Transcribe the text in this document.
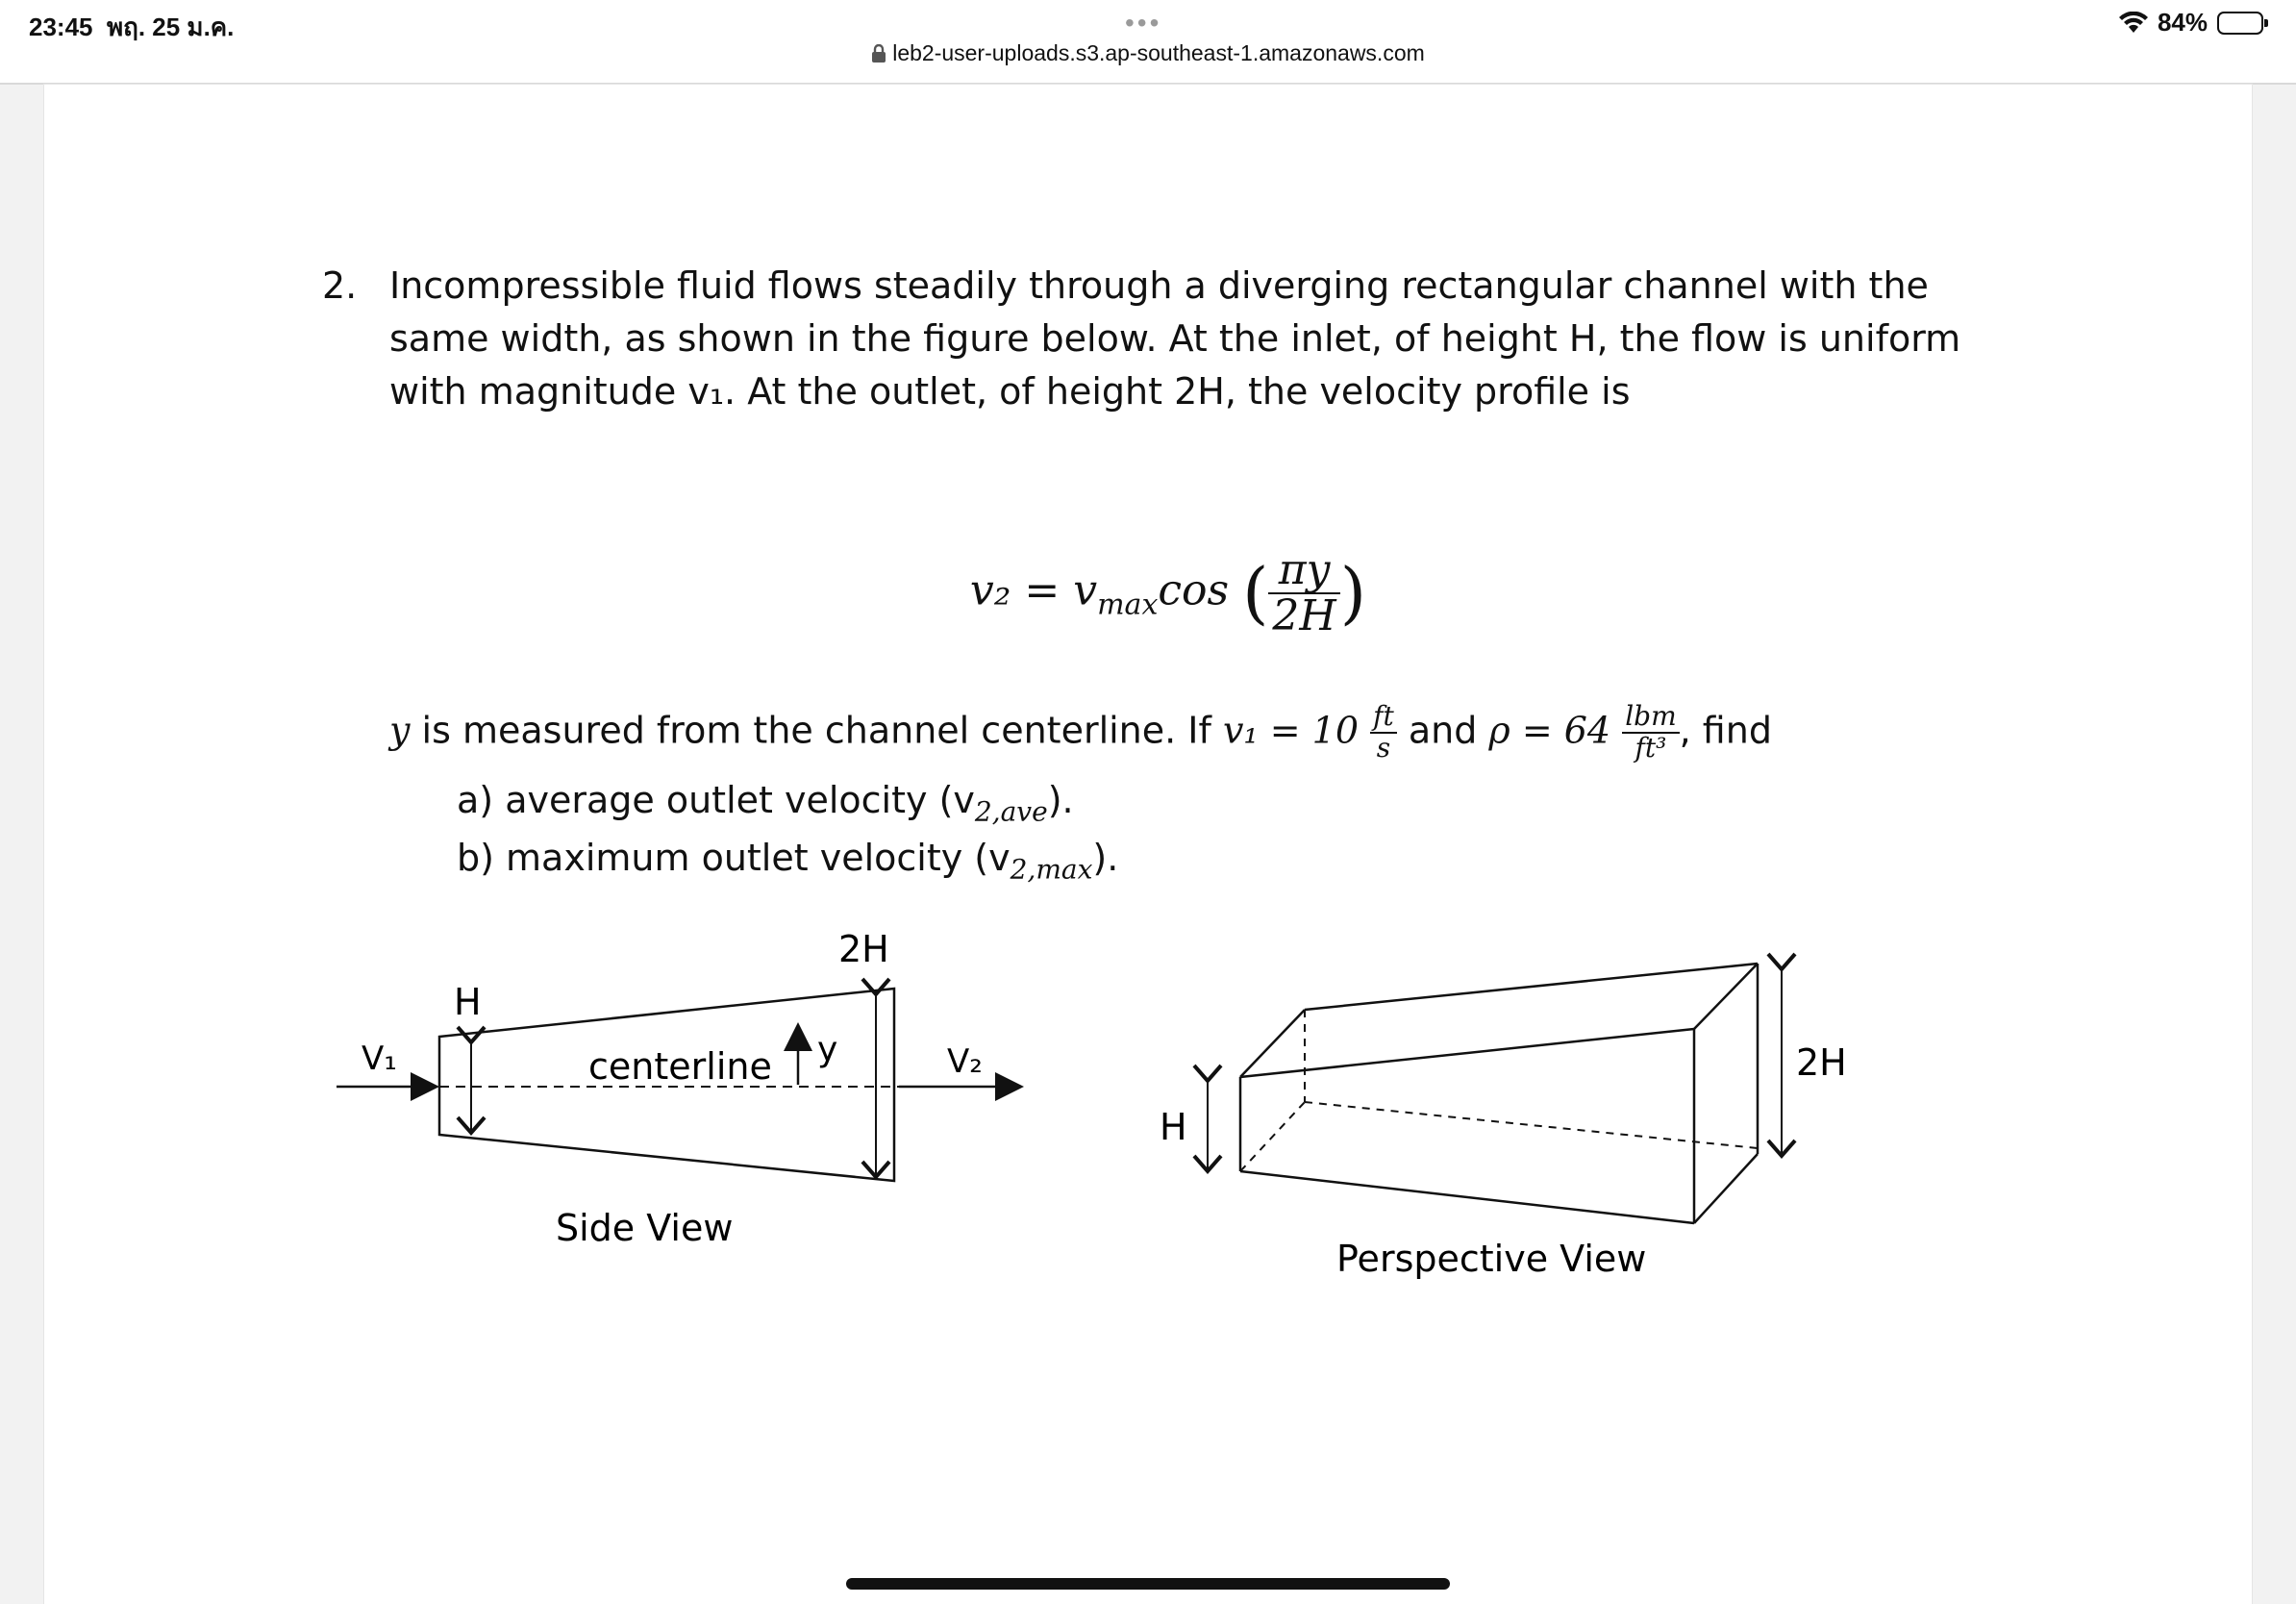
23:45 พฤ. 25 ม.ค.	•••	84%
leb2-user-uploads.s3.ap-southeast-1.amazonaws.com
2. Incompressible fluid flows steadily through a diverging rectangular channel with the same width, as shown in the figure below. At the inlet, of height H, the flow is uniform with magnitude v₁. At the outlet, of height 2H, the velocity profile is
$v_2 = v_{max}\cos$ ( $\frac{\pi y}{2H}$ )
y is measured from the channel centerline. If $v_1 = 10 \frac{ft}{s}$ and $\rho = 64 \frac{\text{lbm}}{\text{ft³}}$ , find
a) average outlet velocity $(v_{2,ave})$.
b) maximum outlet velocity $(v_{2,max})$.
2H
H
V₁	V₂
centerline y
Side View
H
2H
Perspective View
